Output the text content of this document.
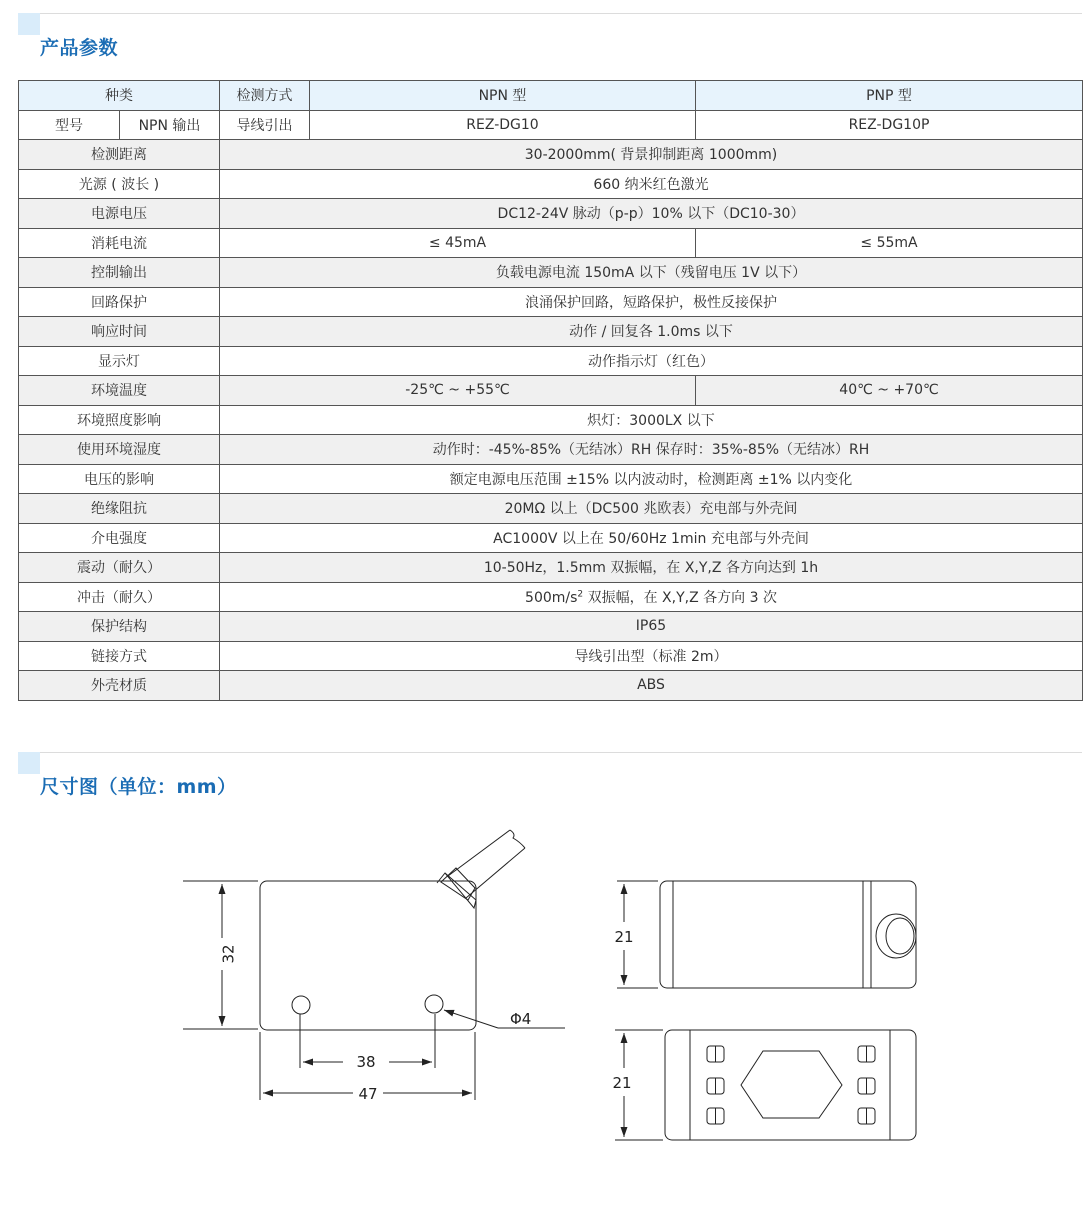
产品参数
种类		检测方式	NPN 型	PNP 型
型号	NPN 输出	导线引出	REZ-DG10	REZ-DG10P
检测距离		30-2000mm( 背景抑制距离 1000mm)		
光源 ( 波长 )		660 纳米红色激光		
电源电压		DC12-24V 脉动（p-p）10% 以下（DC10-30）		
消耗电流		≤ 45mA		≤ 55mA
控制输出		负载电源电流 150mA 以下（残留电压 1V 以下）		
回路保护		浪涌保护回路，短路保护，极性反接保护		
响应时间		动作 / 回复各 1.0ms 以下		
显示灯		动作指示灯（红色）		
环境温度		-25℃ ~ +55℃		40℃ ~ +70℃
环境照度影响		炽灯：3000LX 以下		
使用环境湿度		动作时：-45%-85%（无结冰）RH 保存时：35%-85%（无结冰）RH		
电压的影响		额定电源电压范围 ±15% 以内波动时，检测距离 ±1% 以内变化		
绝缘阻抗		20MΩ 以上（DC500 兆欧表）充电部与外壳间		
介电强度		AC1000V 以上在 50/60Hz 1min 充电部与外壳间		
震动（耐久）		10-50Hz，1.5mm 双振幅，在 X,Y,Z 各方向达到 1h		
冲击（耐久）		$500m/s^2$ 双振幅，在 X,Y,Z 各方向 3 次		
保护结构		IP65		
链接方式		导线引出型（标准 2m）		
外壳材质		ABS		
尺寸图（单位：mm）
32
38
47
Φ4
21
21
